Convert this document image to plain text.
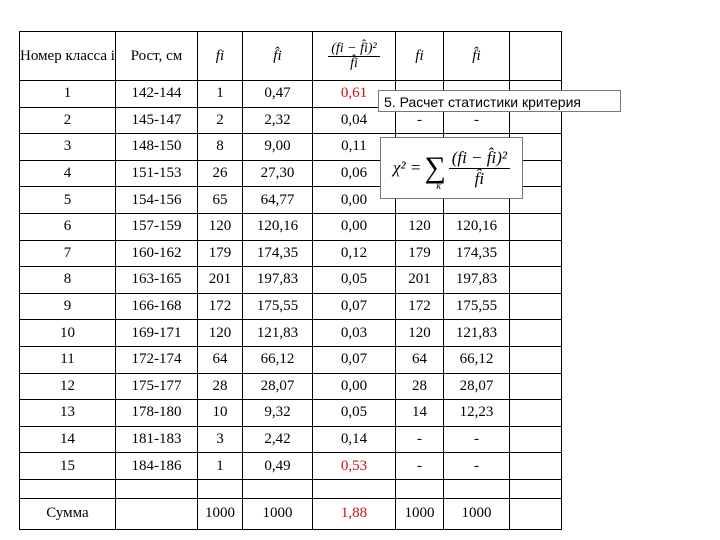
Номер класса i	Рост, см	fi	f̂i	$\frac{\text{(fi − f̂i)²}}{f̂i}$	fi	f̂i	
1	142-144	1	0,47	0,61			
2	145-147	2	2,32	0,04	-	-	
3	148-150	8	9,00	0,11			
4	151-153	26	27,30	0,06			
5	154-156	65	64,77	0,00			
6	157-159	120	120,16	0,00	120	120,16	
7	160-162	179	174,35	0,12	179	174,35	
8	163-165	201	197,83	0,05	201	197,83	
9	166-168	172	175,55	0,07	172	175,55	
10	169-171	120	121,83	0,03	120	121,83	
11	172-174	64	66,12	0,07	64	66,12	
12	175-177	28	28,07	0,00	28	28,07	
13	178-180	10	9,32	0,05	14	12,23	
14	181-183	3	2,42	0,14	-	-	
15	184-186	1	0,49	0,53	-	-	

Сумма		1000	1000	1,88	1000	1000	
5. Расчет статистики критерия
χ² = ∑
k $\frac{\text{(fi − f̂i)²}}{f̂i}$
